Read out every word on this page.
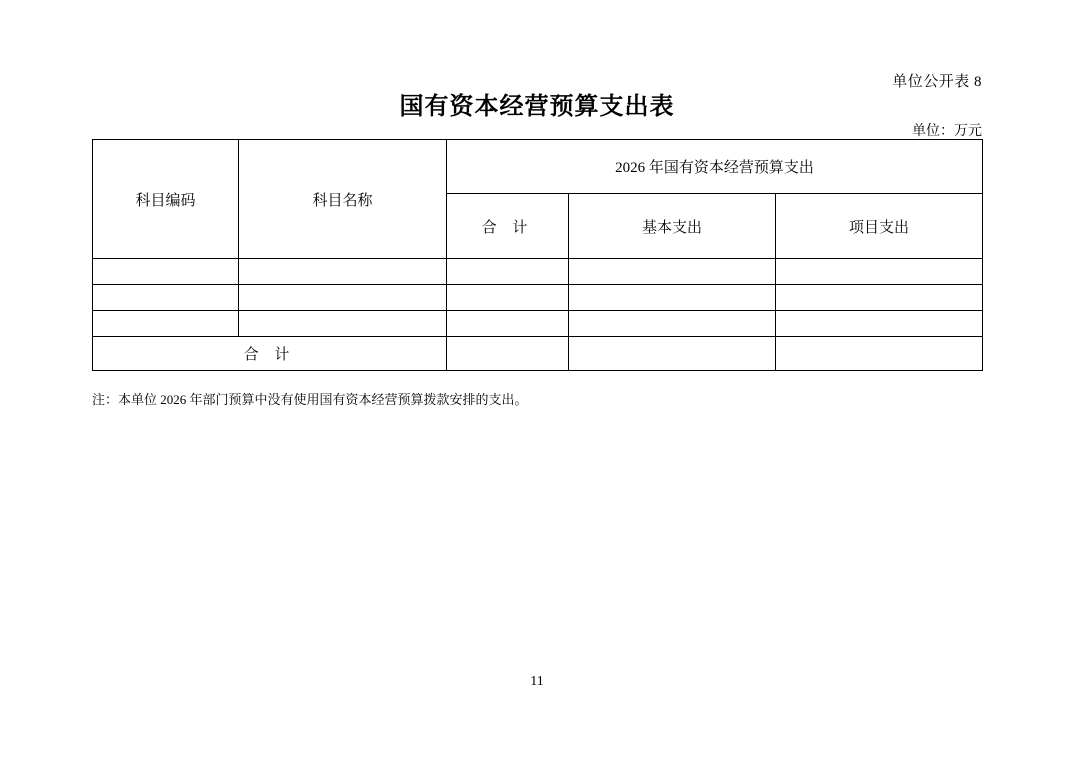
单位公开表 8
国有资本经营预算支出表
单位：万元
科目编码	科目名称	2026 年国有资本经营预算支出		
		合 计	基本支出	项目支出

合 计				
注：本单位 2026 年部门预算中没有使用国有资本经营预算拨款安排的支出。
11
